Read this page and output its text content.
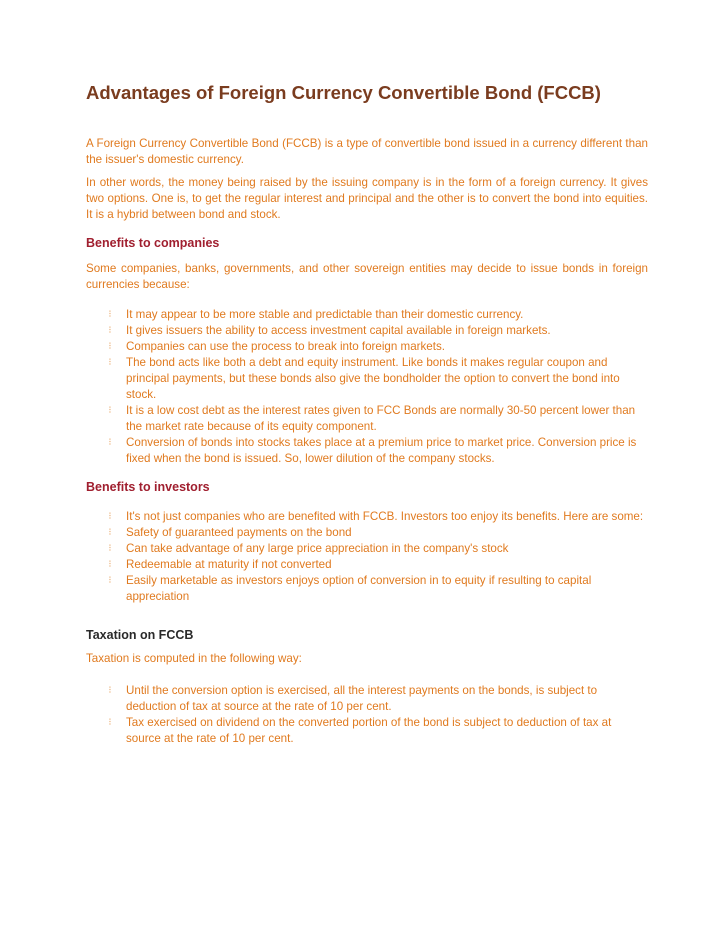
Advantages of Foreign Currency Convertible Bond (FCCB)

A Foreign Currency Convertible Bond (FCCB) is a type of convertible bond issued in a currency different than the issuer's domestic currency.

In other words, the money being raised by the issuing company is in the form of a foreign currency. It gives two options. One is, to get the regular interest and principal and the other is to convert the bond into equities. It is a hybrid between bond and stock.

Benefits to companies

Some companies, banks, governments, and other sovereign entities may decide to issue bonds in foreign currencies because:

⁝	It may appear to be more stable and predictable than their domestic currency.
⁝	It gives issuers the ability to access investment capital available in foreign markets.
⁝	Companies can use the process to break into foreign markets.
⁝	The bond acts like both a debt and equity instrument. Like bonds it makes regular coupon and principal payments, but these bonds also give the bondholder the option to convert the bond into stock.
⁝	It is a low cost debt as the interest rates given to FCC Bonds are normally 30-50 percent lower than the market rate because of its equity component.
⁝	Conversion of bonds into stocks takes place at a premium price to market price. Conversion price is fixed when the bond is issued. So, lower dilution of the company stocks.
Benefits to investors
⁝	It's not just companies who are benefited with FCCB. Investors too enjoy its benefits. Here are some:
⁝	Safety of guaranteed payments on the bond
⁝	Can take advantage of any large price appreciation in the company's stock
⁝	Redeemable at maturity if not converted
⁝	Easily marketable as investors enjoys option of conversion in to equity if resulting to capital appreciation
Taxation on FCCB

Taxation is computed in the following way:

⁝	Until the conversion option is exercised, all the interest payments on the bonds, is subject to deduction of tax at source at the rate of 10 per cent.
⁝	Tax exercised on dividend on the converted portion of the bond is subject to deduction of tax at source at the rate of 10 per cent.
